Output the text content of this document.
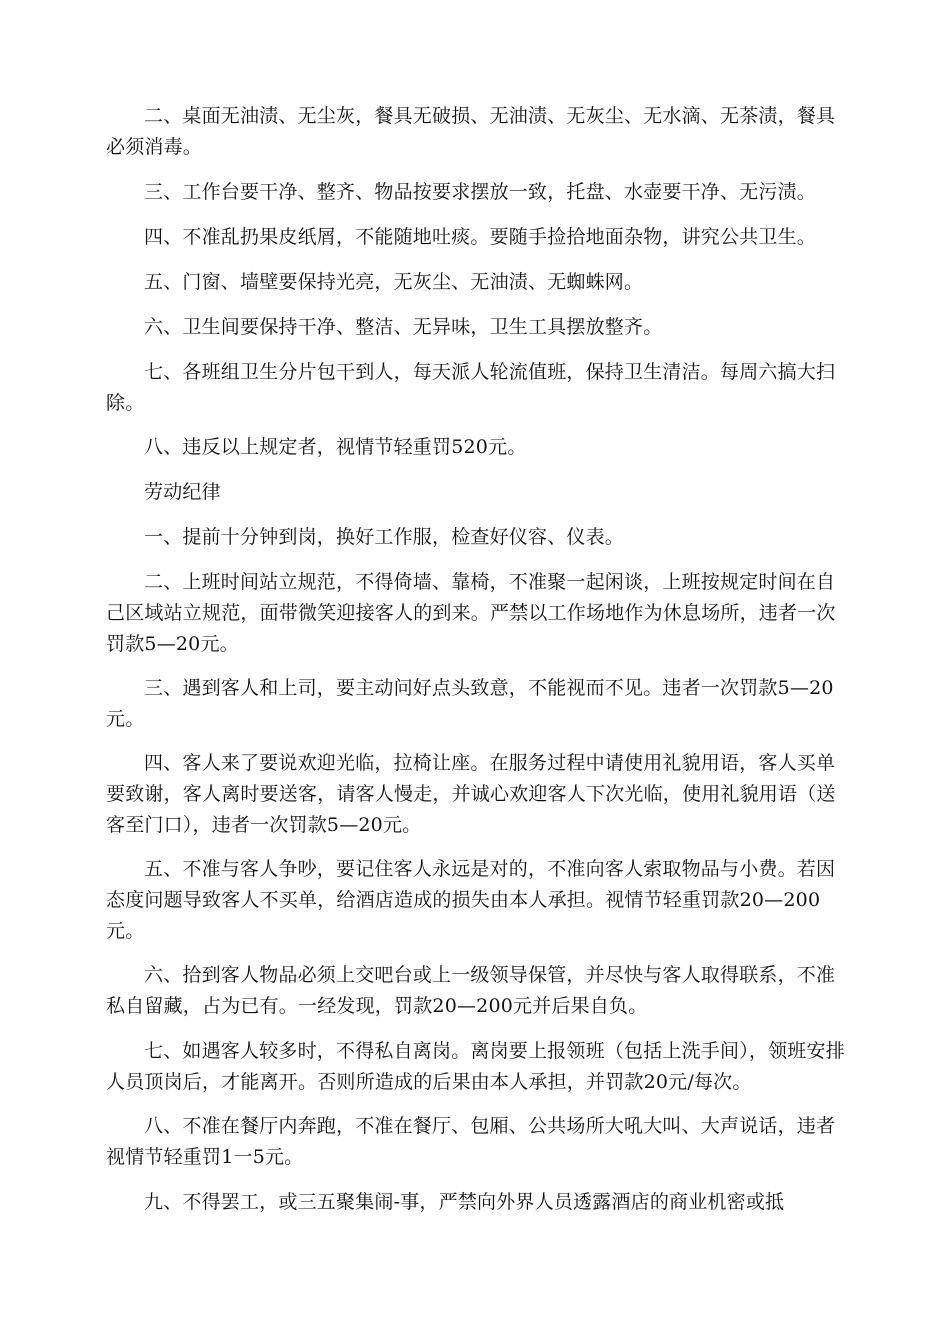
二、桌面无油渍、无尘灰，餐具无破损、无油渍、无灰尘、无水滴、无茶渍，餐具必须消毒。

三、工作台要干净、整齐、物品按要求摆放一致，托盘、水壶要干净、无污渍。

四、不准乱扔果皮纸屑，不能随地吐痰。要随手捡拾地面杂物，讲究公共卫生。

五、门窗、墙壁要保持光亮，无灰尘、无油渍、无蜘蛛网。

六、卫生间要保持干净、整洁、无异味，卫生工具摆放整齐。

七、各班组卫生分片包干到人，每天派人轮流值班，保持卫生清洁。每周六搞大扫除。

八、违反以上规定者，视情节轻重罚520元。

劳动纪律

一、提前十分钟到岗，换好工作服，检查好仪容、仪表。

二、上班时间站立规范，不得倚墙、靠椅，不准聚一起闲谈，上班按规定时间在自己区域站立规范，面带微笑迎接客人的到来。严禁以工作场地作为休息场所，违者一次罚款5—20元。

三、遇到客人和上司，要主动问好点头致意，不能视而不见。违者一次罚款5—20元。

四、客人来了要说欢迎光临，拉椅让座。在服务过程中请使用礼貌用语，客人买单要致谢，客人离时要送客，请客人慢走，并诚心欢迎客人下次光临，使用礼貌用语（送客至门口），违者一次罚款5—20元。

五、不准与客人争吵，要记住客人永远是对的，不准向客人索取物品与小费。若因态度问题导致客人不买单，给酒店造成的损失由本人承担。视情节轻重罚款20—200元。

六、拾到客人物品必须上交吧台或上一级领导保管，并尽快与客人取得联系，不准私自留藏，占为已有。一经发现，罚款20—200元并后果自负。

七、如遇客人较多时，不得私自离岗。离岗要上报领班（包括上洗手间），领班安排人员顶岗后，才能离开。否则所造成的后果由本人承担，并罚款20元/每次。

八、不准在餐厅内奔跑，不准在餐厅、包厢、公共场所大吼大叫、大声说话，违者视情节轻重罚1一5元。

九、不得罢工，或三五聚集闹-事，严禁向外界人员透露酒店的商业机密或抵
